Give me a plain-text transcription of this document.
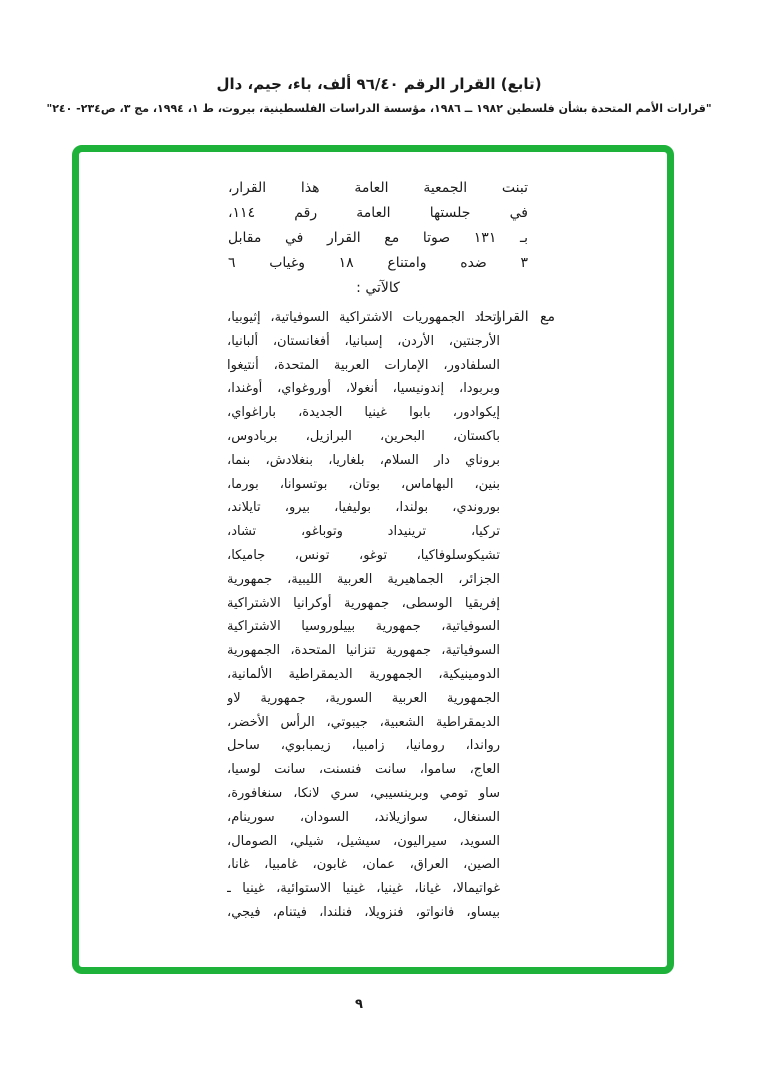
(تابع) القرار الرقم ٩٦/٤٠ ألف، باء، جيم، دال
"قرارات الأمم المتحدة بشأن فلسطين ١٩٨٢ ــ ١٩٨٦، مؤسسة الدراسات الفلسطينية، بيروت، ط ١، ١٩٩٤، مج ٣، ص٢٣٤- ٢٤٠"
تبنت الجمعية العامة هذا القرار،
في جلستها العامة رقم ١١٤،
بـ ١٣١ صوتا مع القرار في مقابل
٣ ضده وامتناع ١٨ وغياب ٦
كالآتي :
مع القرار :
اتحاد الجمهوريات الاشتراكية السوفياتية، إثيوبيا،
الأرجنتين، الأردن، إسبانيا، أفغانستان، ألبانيا،
السلفادور، الإمارات العربية المتحدة، أنتيغوا
وبربودا، إندونيسيا، أنغولا، أوروغواي، أوغندا،
إيكوادور، بابوا غينيا الجديدة، باراغواي،
باكستان، البحرين، البرازيل، بربادوس،
بروناي دار السلام، بلغاريا، بنغلادش، بنما،
بنين، البهاماس، بوتان، بوتسوانا، بورما،
بوروندي، بولندا، بوليفيا، بيرو، تايلاند،
تركيا، ترينيداد وتوباغو، تشاد،
تشيكوسلوفاكيا، توغو، تونس، جاميكا،
الجزائر، الجماهيرية العربية الليبية، جمهورية
إفريقيا الوسطى، جمهورية أوكرانيا الاشتراكية
السوفياتية، جمهورية بييلوروسيا الاشتراكية
السوفياتية، جمهورية تنزانيا المتحدة، الجمهورية
الدومينيكية، الجمهورية الديمقراطية الألمانية،
الجمهورية العربية السورية، جمهورية لاو
الديمقراطية الشعبية، جيبوتي، الرأس الأخضر،
رواندا، رومانيا، زامبيا، زيمبابوي، ساحل
العاج، ساموا، سانت فنسنت، سانت لوسيا،
ساو تومي وبرينسيبي، سري لانكا، سنغافورة،
السنغال، سوازيلاند، السودان، سورينام،
السويد، سيراليون، سيشيل، شيلي، الصومال،
الصين، العراق، عمان، غابون، غامبيا، غانا،
غواتيمالا، غيانا، غينيا، غينيا الاستوائية، غينيا ـ
بيساو، فانواتو، فنزويلا، فنلندا، فيتنام، فيجي،
٩
